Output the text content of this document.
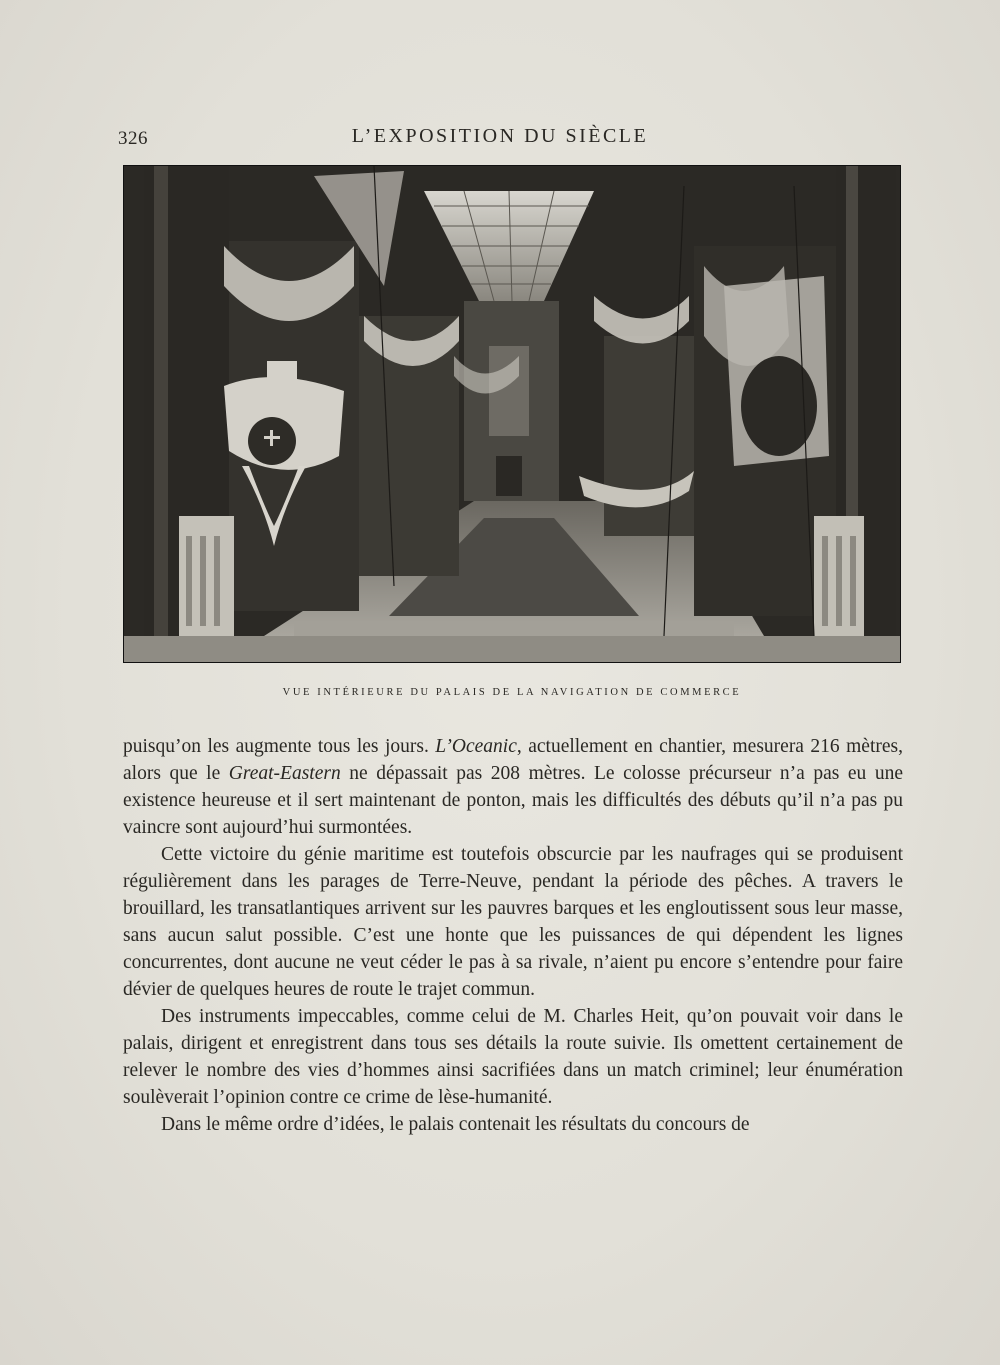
326	L’EXPOSITION DU SIÈCLE
VUE INTÉRIEURE DU PALAIS DE LA NAVIGATION DE COMMERCE

puisqu’on les augmente tous les jours. L’Oceanic, actuellement en chantier, mesurera 216 mètres, alors que le Great-Eastern ne dépassait pas 208 mètres. Le colosse précurseur n’a pas eu une existence heureuse et il sert maintenant de ponton, mais les difficultés des débuts qu’il n’a pas pu vaincre sont aujourd’hui surmontées.

Cette victoire du génie maritime est toutefois obscurcie par les naufrages qui se produisent régulièrement dans les parages de Terre-Neuve, pendant la période des pêches. A travers le brouillard, les transatlantiques arrivent sur les pauvres barques et les engloutissent sous leur masse, sans aucun salut possible. C’est une honte que les puissances de qui dépendent les lignes concurrentes, dont aucune ne veut céder le pas à sa rivale, n’aient pu encore s’entendre pour faire dévier de quelques heures de route le trajet commun.

Des instruments impeccables, comme celui de M. Charles Heit, qu’on pouvait voir dans le palais, dirigent et enregistrent dans tous ses détails la route suivie. Ils omettent certainement de relever le nombre des vies d’hommes ainsi sacrifiées dans un match criminel; leur énumération soulèverait l’opinion contre ce crime de lèse-humanité.

Dans le même ordre d’idées, le palais contenait les résultats du concours de
